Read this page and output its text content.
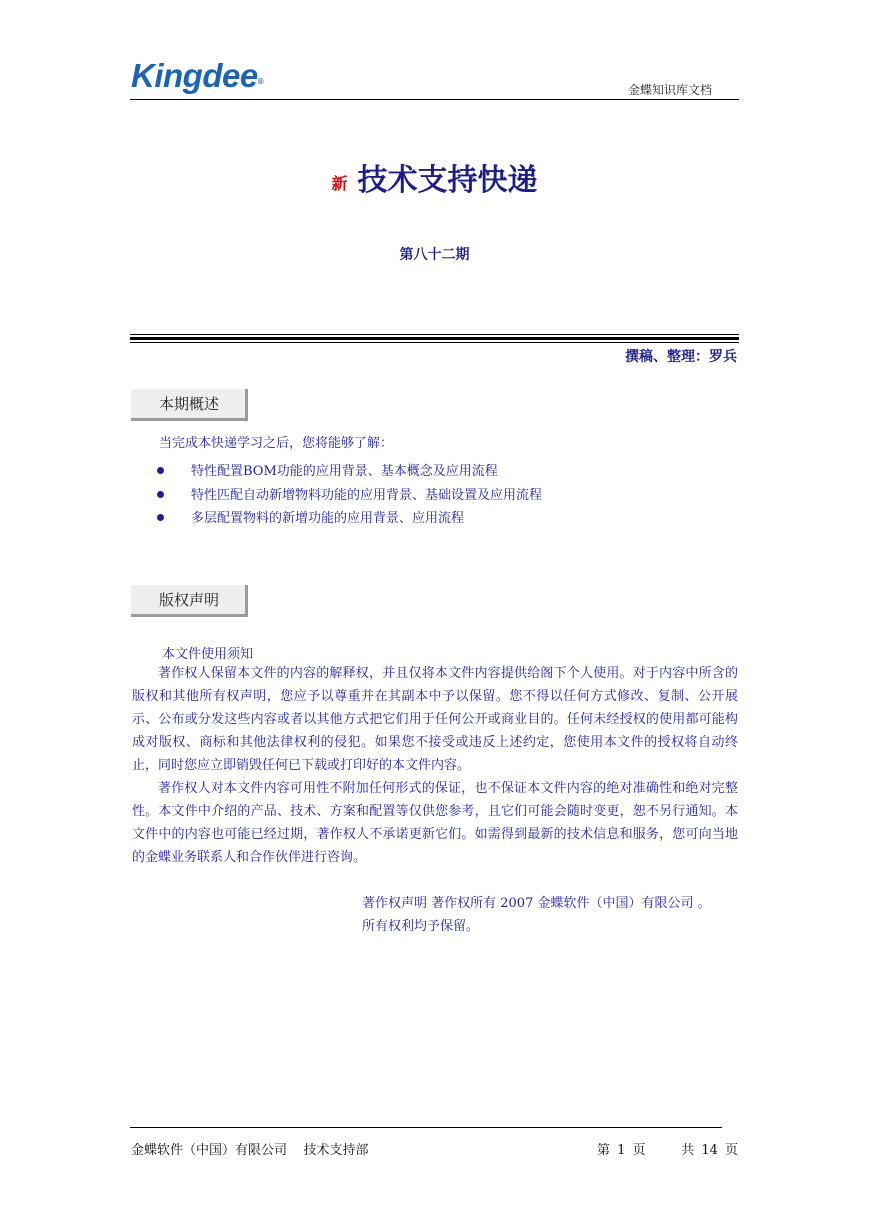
Kingdee®
金蝶知识库文档
新 技术支持快递
第八十二期
撰稿、整理：罗兵
本期概述
当完成本快递学习之后，您将能够了解：
特性配置BOM功能的应用背景、基本概念及应用流程
特性匹配自动新增物料功能的应用背景、基础设置及应用流程
多层配置物料的新增功能的应用背景、应用流程
版权声明
本文件使用须知

著作权人保留本文件的内容的解释权，并且仅将本文件内容提供给阁下个人使用。对于内容中所含的版权和其他所有权声明，您应予以尊重并在其副本中予以保留。您不得以任何方式修改、复制、公开展示、公布或分发这些内容或者以其他方式把它们用于任何公开或商业目的。任何未经授权的使用都可能构成对版权、商标和其他法律权利的侵犯。如果您不接受或违反上述约定，您使用本文件的授权将自动终止，同时您应立即销毁任何已下载或打印好的本文件内容。

著作权人对本文件内容可用性不附加任何形式的保证，也不保证本文件内容的绝对准确性和绝对完整性。本文件中介绍的产品、技术、方案和配置等仅供您参考，且它们可能会随时变更，恕不另行通知。本文件中的内容也可能已经过期，著作权人不承诺更新它们。如需得到最新的技术信息和服务，您可向当地的金蝶业务联系人和合作伙伴进行咨询。

著作权声明 著作权所有 2007 金蝶软件（中国）有限公司 。
所有权利均予保留。
金蝶软件（中国）有限公司    技术支持部	第 1 页     共 14 页
